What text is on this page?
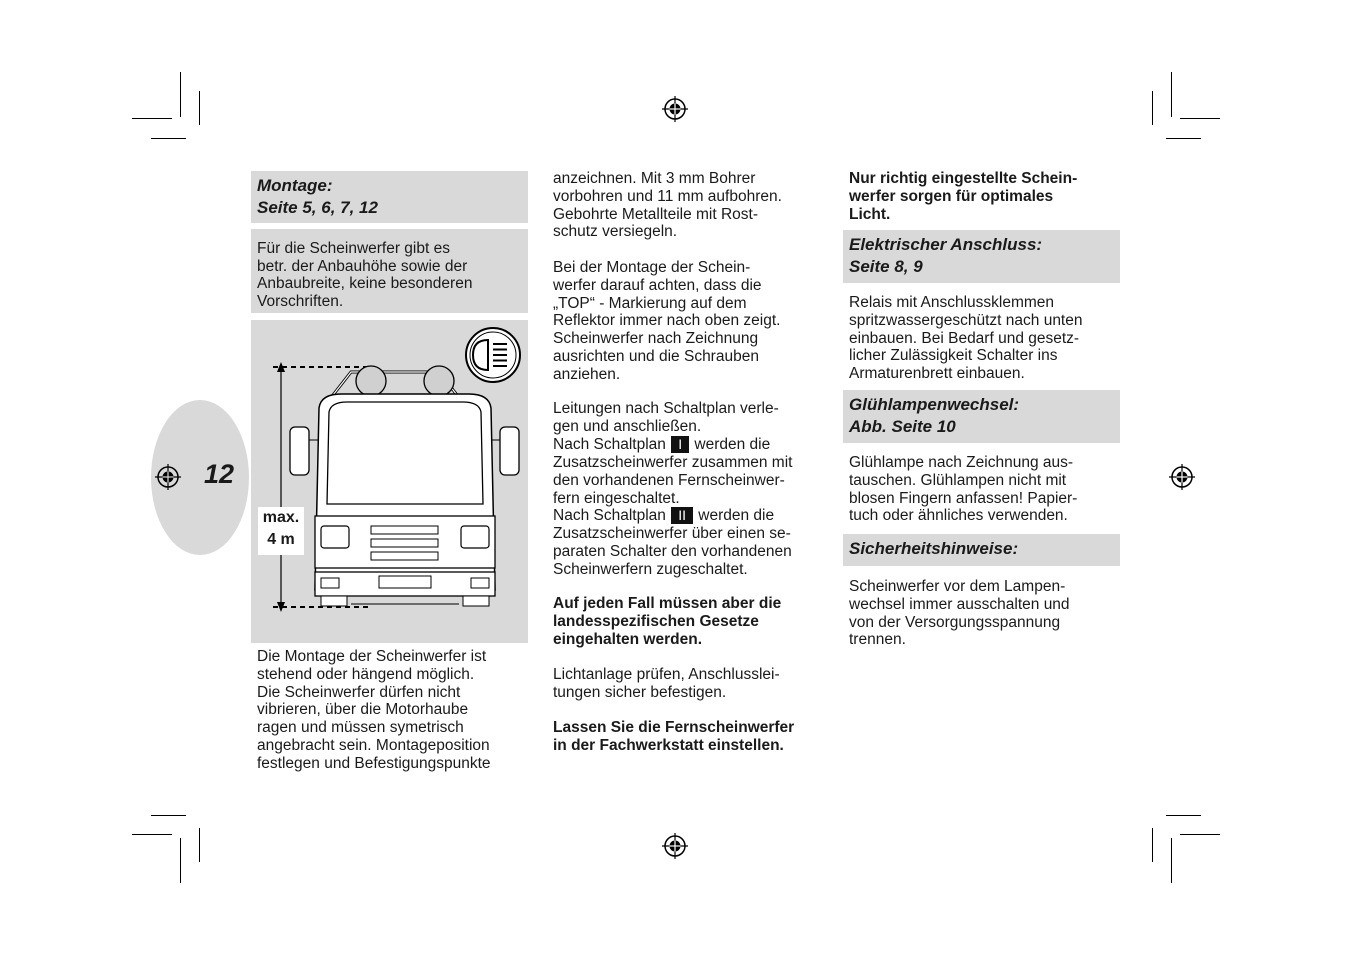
12
Montage:
Seite 5, 6, 7, 12
Für die Scheinwerfer gibt es
betr. der Anbauhöhe sowie der
Anbaubreite, keine besonderen
Vorschriften.
max.
4 m
Die Montage der Scheinwerfer ist
stehend oder hängend möglich.
Die Scheinwerfer dürfen nicht
vibrieren, über die Motorhaube
ragen und müssen symetrisch
angebracht sein. Montageposition
festlegen und Befestigungspunkte
anzeichnen. Mit 3 mm Bohrer
vorbohren und 11 mm aufbohren.
Gebohrte Metallteile mit Rost-
schutz versiegeln.
Bei der Montage der Schein-
werfer darauf achten, dass die
„TOP“ - Markierung auf dem
Reflektor immer nach oben zeigt.
Scheinwerfer nach Zeichnung
ausrichten und die Schrauben
anziehen.
Leitungen nach Schaltplan verle-
gen und anschließen.
Nach Schaltplan I werden die
Zusatzscheinwerfer zusammen mit
den vorhandenen Fernscheinwer-
fern eingeschaltet.
Nach Schaltplan II werden die
Zusatzscheinwerfer über einen se-
paraten Schalter den vorhandenen
Scheinwerfern zugeschaltet.
Auf jeden Fall müssen aber die
landesspezifischen Gesetze
eingehalten werden.
Lichtanlage prüfen, Anschlusslei-
tungen sicher befestigen.
Lassen Sie die Fernscheinwerfer
in der Fachwerkstatt einstellen.
Nur richtig eingestellte Schein-
werfer sorgen für optimales
Licht.
Elektrischer Anschluss:
Seite 8, 9
Relais mit Anschlussklemmen
spritzwassergeschützt nach unten
einbauen. Bei Bedarf und gesetz-
licher Zulässigkeit Schalter ins
Armaturenbrett einbauen.
Glühlampenwechsel:
Abb. Seite 10
Glühlampe nach Zeichnung aus-
tauschen. Glühlampen nicht mit
blosen Fingern anfassen! Papier-
tuch oder ähnliches verwenden.
Sicherheitshinweise:
Scheinwerfer vor dem Lampen-
wechsel immer ausschalten und
von der Versorgungsspannung
trennen.
